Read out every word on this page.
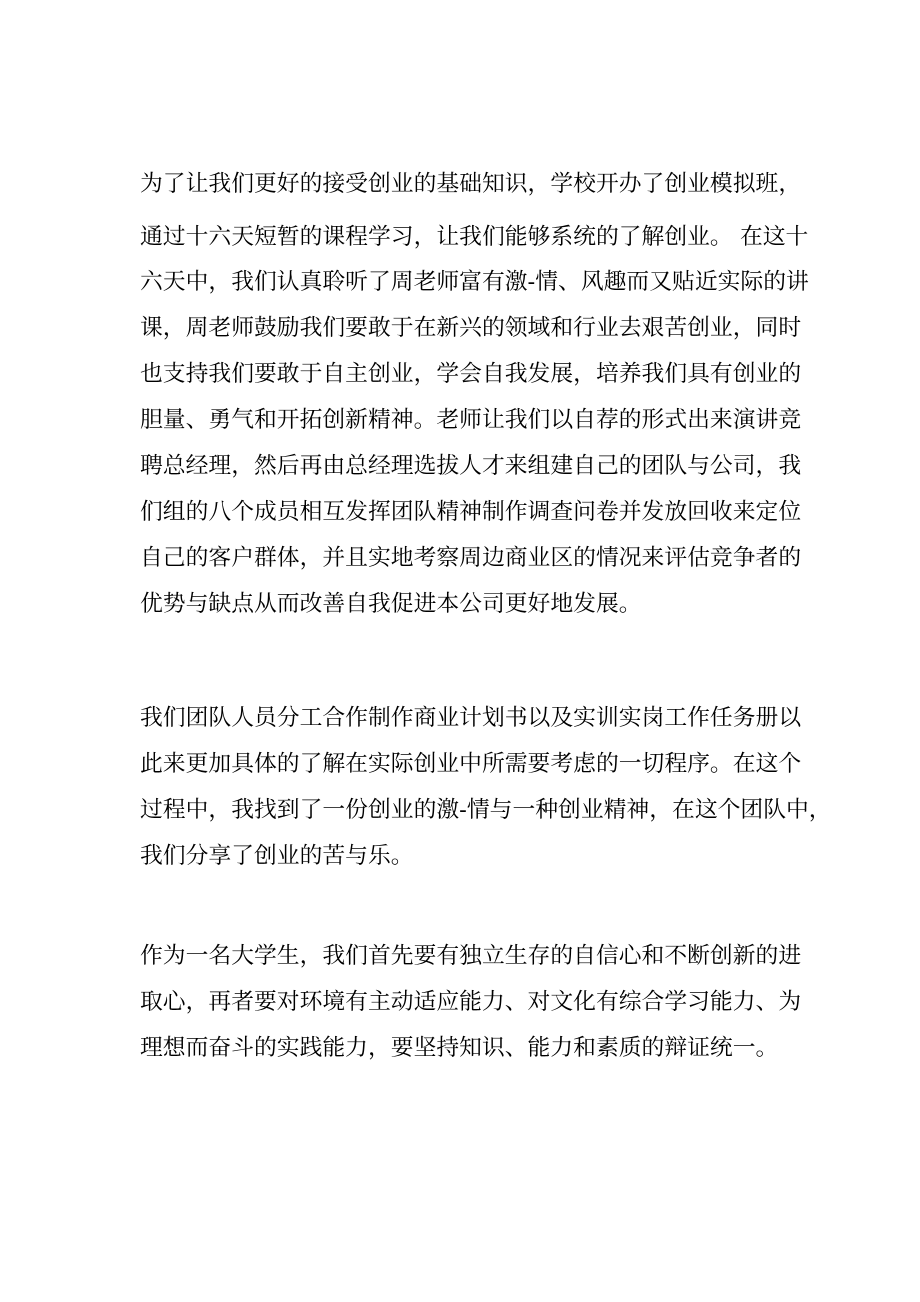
为了让我们更好的接受创业的基础知识，学校开办了创业模拟班，
通过十六天短暂的课程学习，让我们能够系统的了解创业。 在这十
六天中，我们认真聆听了周老师富有激-情、风趣而又贴近实际的讲
课，周老师鼓励我们要敢于在新兴的领域和行业去艰苦创业，同时
也支持我们要敢于自主创业，学会自我发展，培养我们具有创业的
胆量、勇气和开拓创新精神。老师让我们以自荐的形式出来演讲竞
聘总经理，然后再由总经理选拔人才来组建自己的团队与公司，我
们组的八个成员相互发挥团队精神制作调查问卷并发放回收来定位
自己的客户群体，并且实地考察周边商业区的情况来评估竞争者的
优势与缺点从而改善自我促进本公司更好地发展。
我们团队人员分工合作制作商业计划书以及实训实岗工作任务册以
此来更加具体的了解在实际创业中所需要考虑的一切程序。在这个
过程中，我找到了一份创业的激-情与一种创业精神，在这个团队中，
我们分享了创业的苦与乐。
作为一名大学生，我们首先要有独立生存的自信心和不断创新的进
取心，再者要对环境有主动适应能力、对文化有综合学习能力、为
理想而奋斗的实践能力，要坚持知识、能力和素质的辩证统一。
